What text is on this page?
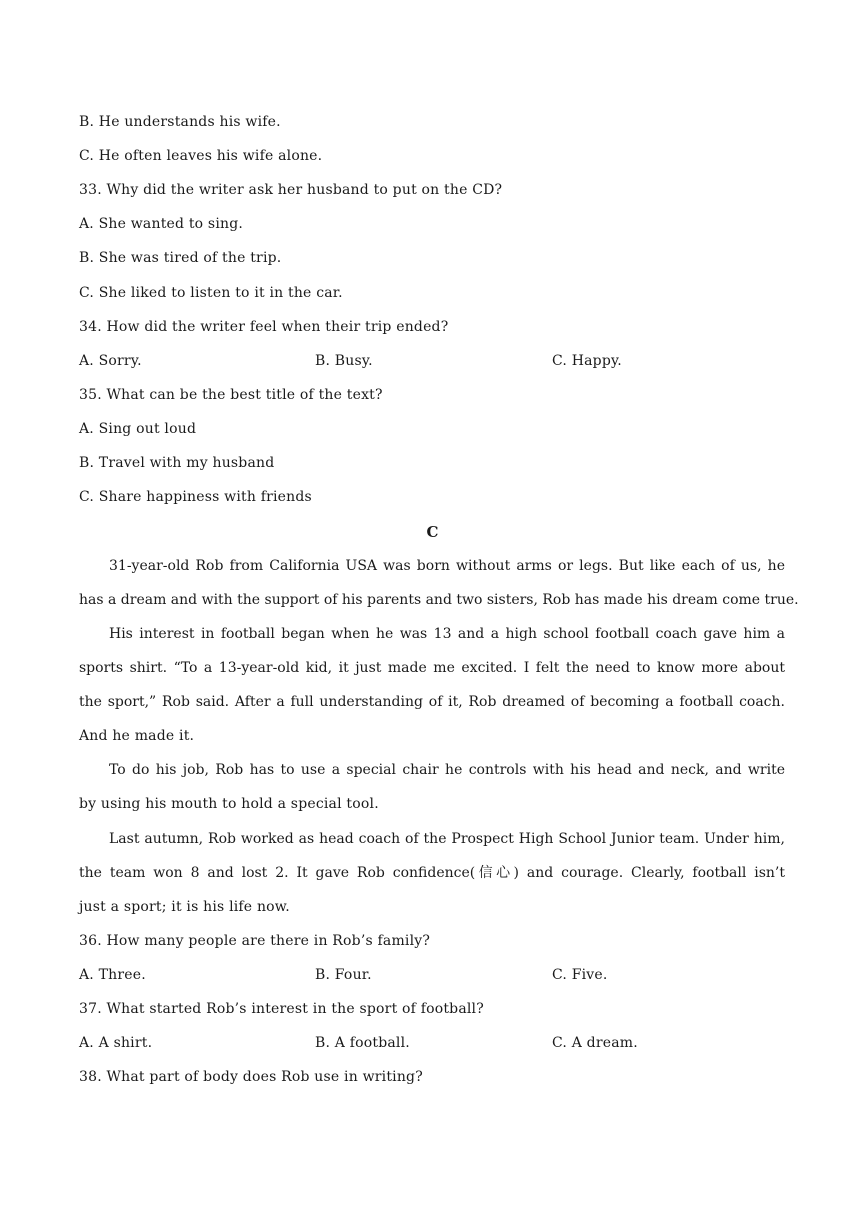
B. He understands his wife.
C. He often leaves his wife alone.
33. Why did the writer ask her husband to put on the CD?
A. She wanted to sing.
B. She was tired of the trip.
C. She liked to listen to it in the car.
34. How did the writer feel when their trip ended?
A. Sorry.	B. Busy.	C. Happy.
35. What can be the best title of the text?
A. Sing out loud
B. Travel with my husband
C. Share happiness with friends
C
31-year-old Rob from California USA was born without arms or legs. But like each of us, he
has a dream and with the support of his parents and two sisters, Rob has made his dream come true.
His interest in football began when he was 13 and a high school football coach gave him a
sports shirt. “To a 13-year-old kid, it just made me excited. I felt the need to know more about
the sport,” Rob said. After a full understanding of it, Rob dreamed of becoming a football coach.
And he made it.
To do his job, Rob has to use a special chair he controls with his head and neck, and write
by using his mouth to hold a special tool.
Last autumn, Rob worked as head coach of the Prospect High School Junior team. Under him,
the team won 8 and lost 2. It gave Rob confidence(信心) and courage. Clearly, football isn’t
just a sport; it is his life now.
36. How many people are there in Rob’s family?
A. Three.	B. Four.	C. Five.
37. What started Rob’s interest in the sport of football?
A. A shirt.	B. A football.	C. A dream.
38. What part of body does Rob use in writing?
